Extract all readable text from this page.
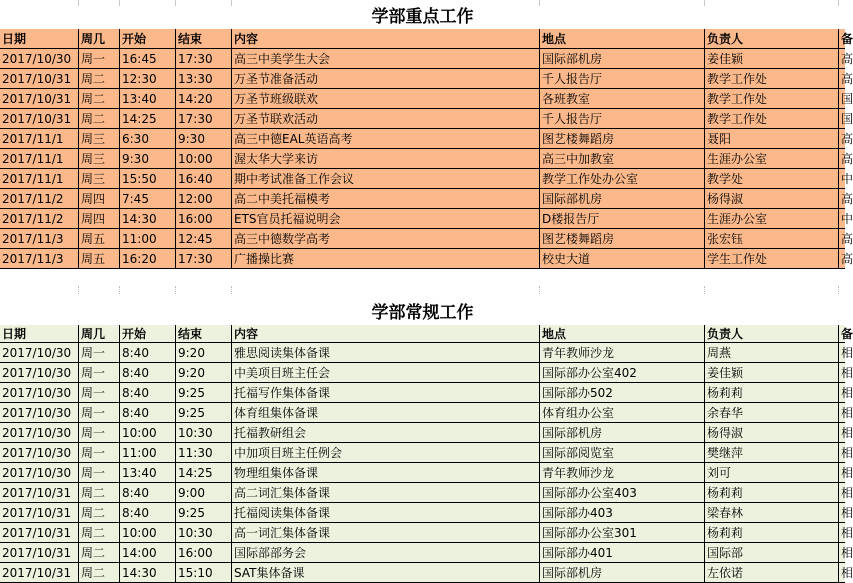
学部重点工作
日期	周几	开始	结束	内容	地点	负责人	备
2017/10/30 周一	16:45	17:30	高三中美学生大会	国际部机房	姜佳颖	高
2017/10/31 周二	12:30	13:30	万圣节准备活动	千人报告厅	教学工作处	高
2017/10/31 周二	13:40	14:20	万圣节班级联欢	各班教室	教学工作处	国
2017/10/31 周二	14:25	17:30	万圣节联欢活动	千人报告厅	教学工作处	国
2017/11/1	周三	6:30	9:30	高三中德EAL英语高考	图艺楼舞蹈房	聂阳	高
2017/11/1	周三	9:30	10:00	渥太华大学来访	高三中加教室	生涯办公室	高
2017/11/1	周三	15:50	16:40	期中考试准备工作会议	教学工作处办公室	教学处	中
2017/11/2	周四	7:45	12:00	高二中美托福模考	国际部机房	杨得淑	高
2017/11/2	周四	14:30	16:00	ETS官员托福说明会	D楼报告厅	生涯办公室	中
2017/11/3	周五	11:00	12:45	高三中德数学高考	图艺楼舞蹈房	张宏钰	高
2017/11/3	周五	16:20	17:30	广播操比赛	校史大道	学生工作处	高
学部常规工作
日期	周几	开始	结束	内容	地点	负责人	备
2017/10/30 周一	8:40	9:20	雅思阅读集体备课	青年教师沙龙	周燕	相
2017/10/30 周一	8:40	9:20	中美项目班主任会	国际部办公室402	姜佳颖	相
2017/10/30 周一	8:40	9:25	托福写作集体备课	国际部办502	杨莉莉	相
2017/10/30 周一	8:40	9:25	体育组集体备课	体育组办公室	余春华	相
2017/10/30 周一	10:00	10:30	托福教研组会	国际部机房	杨得淑	相
2017/10/30 周一	11:00	11:30	中加项目班主任例会	国际部阅览室	樊继萍	相
2017/10/30 周一	13:40	14:25	物理组集体备课	青年教师沙龙	刘可	相
2017/10/31 周二	8:40	9:00	高二词汇集体备课	国际部办公室403	杨莉莉	相
2017/10/31 周二	8:40	9:25	托福阅读集体备课	国际部办403	梁春林	相
2017/10/31 周二	10:00	10:30	高一词汇集体备课	国际部办公室301	杨莉莉	相
2017/10/31 周二	14:00	16:00	国际部部务会	国际部办401	国际部	相
2017/10/31 周二	14:30	15:10	SAT集体备课	国际部机房	左依诺	相
